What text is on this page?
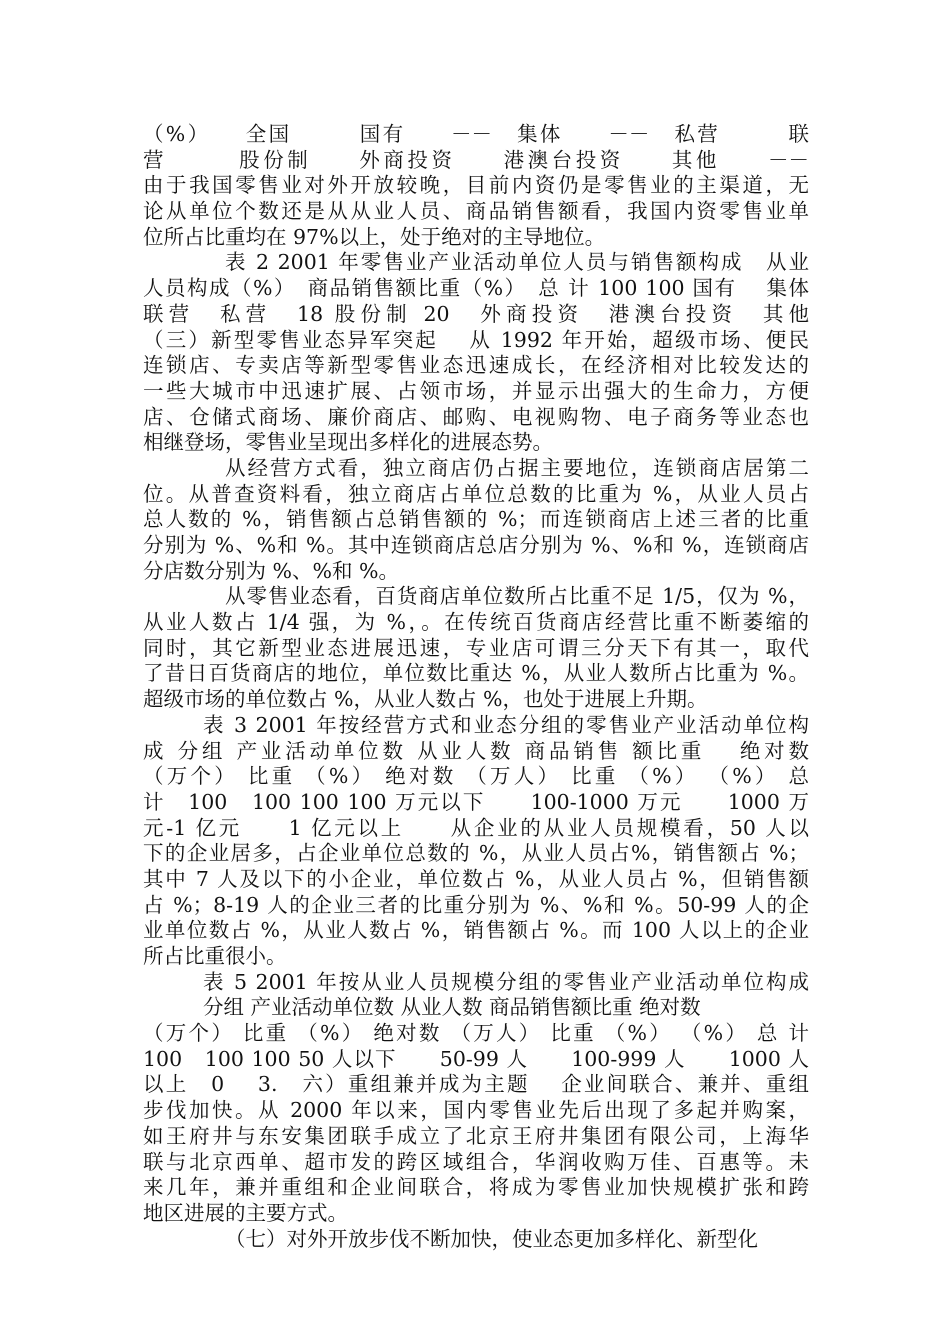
（%）　　全国　　　国有　　－－　集体　　－－　私营　　　联
营　　　股份制　　外商投资　　港澳台投资　　其他　　－－
由于我国零售业对外开放较晚，目前内资仍是零售业的主渠道，无
论从单位个数还是从从业人员、商品销售额看，我国内资零售业单
位所占比重均在 97%以上，处于绝对的主导地位。
表 2 2001 年零售业产业活动单位人员与销售额构成　从业
人员构成（%）　商品销售额比重（%）　总 计 100 100 国有　 集体
联营　私营　18 股份制 20　外商投资　港澳台投资　其他
（三）新型零售业态异军突起　 从 1992 年开始，超级市场、便民
连锁店、专卖店等新型零售业态迅速成长，在经济相对比较发达的
一些大城市中迅速扩展、占领市场，并显示出强大的生命力，方便
店、仓储式商场、廉价商店、邮购、电视购物、电子商务等业态也
相继登场，零售业呈现出多样化的进展态势。
从经营方式看，独立商店仍占据主要地位，连锁商店居第二
位。从普查资料看，独立商店占单位总数的比重为 %，从业人员占
总人数的 %，销售额占总销售额的 %；而连锁商店上述三者的比重
分别为 %、%和 %。其中连锁商店总店分别为 %、%和 %，连锁商店
分店数分别为 %、%和 %。
从零售业态看，百货商店单位数所占比重不足 1/5，仅为 %，
从业人数占 1/4 强，为 %，。在传统百货商店经营比重不断萎缩的
同时，其它新型业态进展迅速，专业店可谓三分天下有其一，取代
了昔日百货商店的地位，单位数比重达 %，从业人数所占比重为 %。
超级市场的单位数占 %，从业人数占 %，也处于进展上升期。
表 3 2001 年按经营方式和业态分组的零售业产业活动单位构
成 分组 产业活动单位数 从业人数 商品销售 额比重　 绝对数
（万个） 比重 （%） 绝对数 （万人） 比重 （%） （%） 总
计　100　100 100 100 万元以下　　100-1000 万元　　1000 万
元-1 亿元　　1 亿元以上　　从企业的从业人员规模看，50 人以
下的企业居多，占企业单位总数的 %，从业人员占%，销售额占 %；
其中 7 人及以下的小企业，单位数占 %，从业人员占 %，但销售额
占 %；8-19 人的企业三者的比重分别为 %、%和 %。50-99 人的企
业单位数占 %，从业人数占 %，销售额占 %。而 100 人以上的企业
所占比重很小。
表 5 2001 年按从业人员规模分组的零售业产业活动单位构成
分组 产业活动单位数 从业人数 商品销售额比重 绝对数
（万个） 比重 （%） 绝对数 （万人） 比重 （%） （%） 总 计
100　100 100 50 人以下　　50-99 人　　100-999 人　　1000 人
以上　0　 3.　六）重组兼并成为主题　 企业间联合、兼并、重组
步伐加快。从 2000 年以来，国内零售业先后出现了多起并购案，
如王府井与东安集团联手成立了北京王府井集团有限公司，上海华
联与北京西单、超市发的跨区域组合，华润收购万佳、百惠等。未
来几年，兼并重组和企业间联合，将成为零售业加快规模扩张和跨
地区进展的主要方式。
（七）对外开放步伐不断加快，使业态更加多样化、新型化
